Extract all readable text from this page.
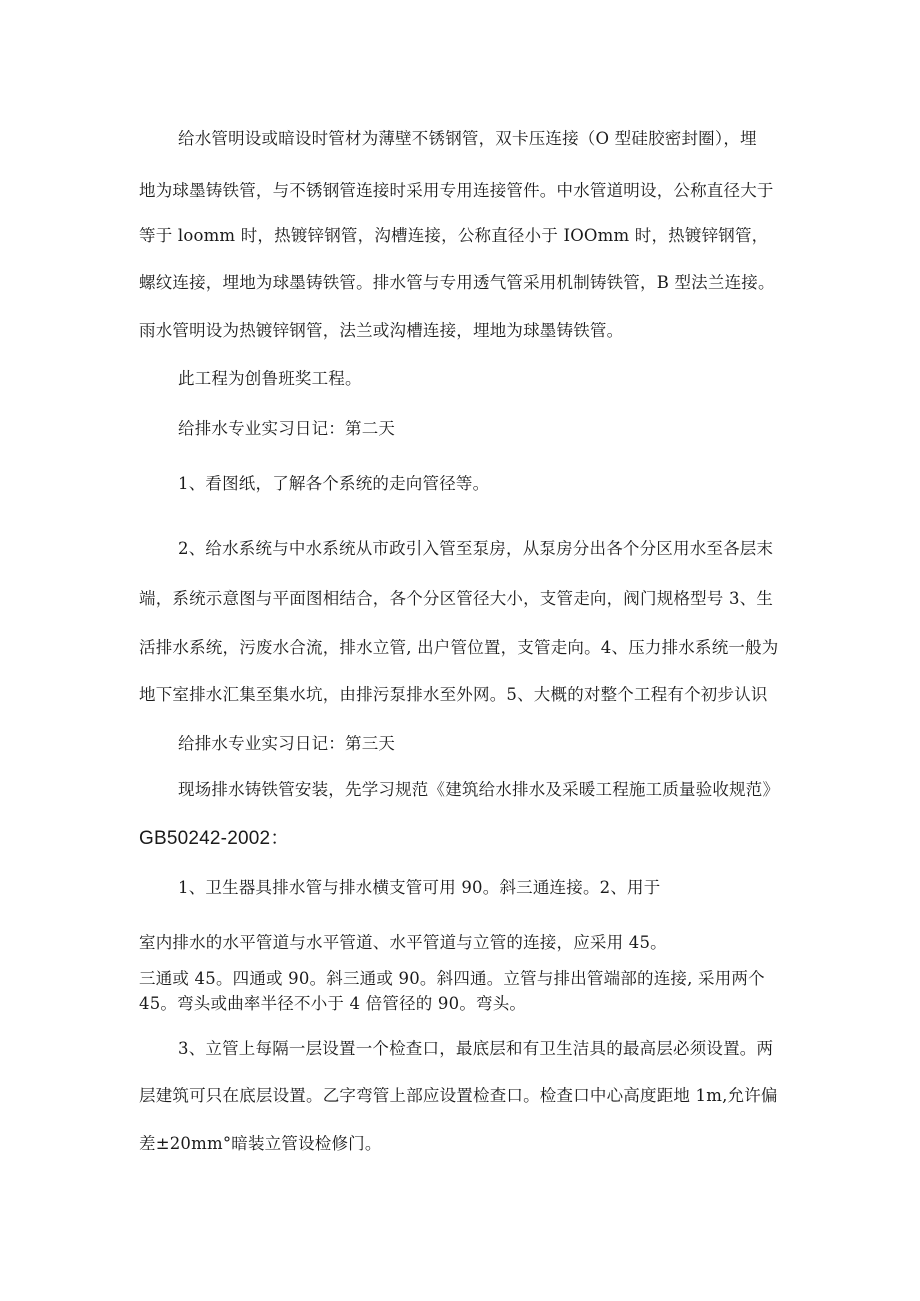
给水管明设或暗设时管材为薄壁不锈钢管，双卡压连接（O 型硅胶密封圈），埋
地为球墨铸铁管，与不锈钢管连接时采用专用连接管件。中水管道明设，公称直径大于
等于 loomm 时，热镀锌钢管，沟槽连接，公称直径小于 IOOmm 时，热镀锌钢管，
螺纹连接，埋地为球墨铸铁管。排水管与专用透气管采用机制铸铁管，B 型法兰连接。
雨水管明设为热镀锌钢管，法兰或沟槽连接，埋地为球墨铸铁管。
此工程为创鲁班奖工程。
给排水专业实习日记：第二天
1、看图纸，了解各个系统的走向管径等。
2、给水系统与中水系统从市政引入管至泵房，从泵房分出各个分区用水至各层末
端，系统示意图与平面图相结合，各个分区管径大小，支管走向，阀门规格型号 3、生
活排水系统，污废水合流，排水立管, 出户管位置，支管走向。4、压力排水系统一般为
地下室排水汇集至集水坑，由排污泵排水至外网。5、大概的对整个工程有个初步认识
给排水专业实习日记：第三天
现场排水铸铁管安装，先学习规范《建筑给水排水及采暖工程施工质量验收规范》
GB50242-2002：
1、卫生器具排水管与排水横支管可用 90。斜三通连接。2、用于
室内排水的水平管道与水平管道、水平管道与立管的连接，应采用 45。
三通或 45。四通或 90。斜三通或 90。斜四通。立管与排出管端部的连接, 采用两个
45。弯头或曲率半径不小于 4 倍管径的 90。弯头。
3、立管上每隔一层设置一个检查口，最底层和有卫生洁具的最高层必须设置。两
层建筑可只在底层设置。乙字弯管上部应设置检查口。检查口中心高度距地 1m,允许偏
差±20mm°暗装立管设检修门。
